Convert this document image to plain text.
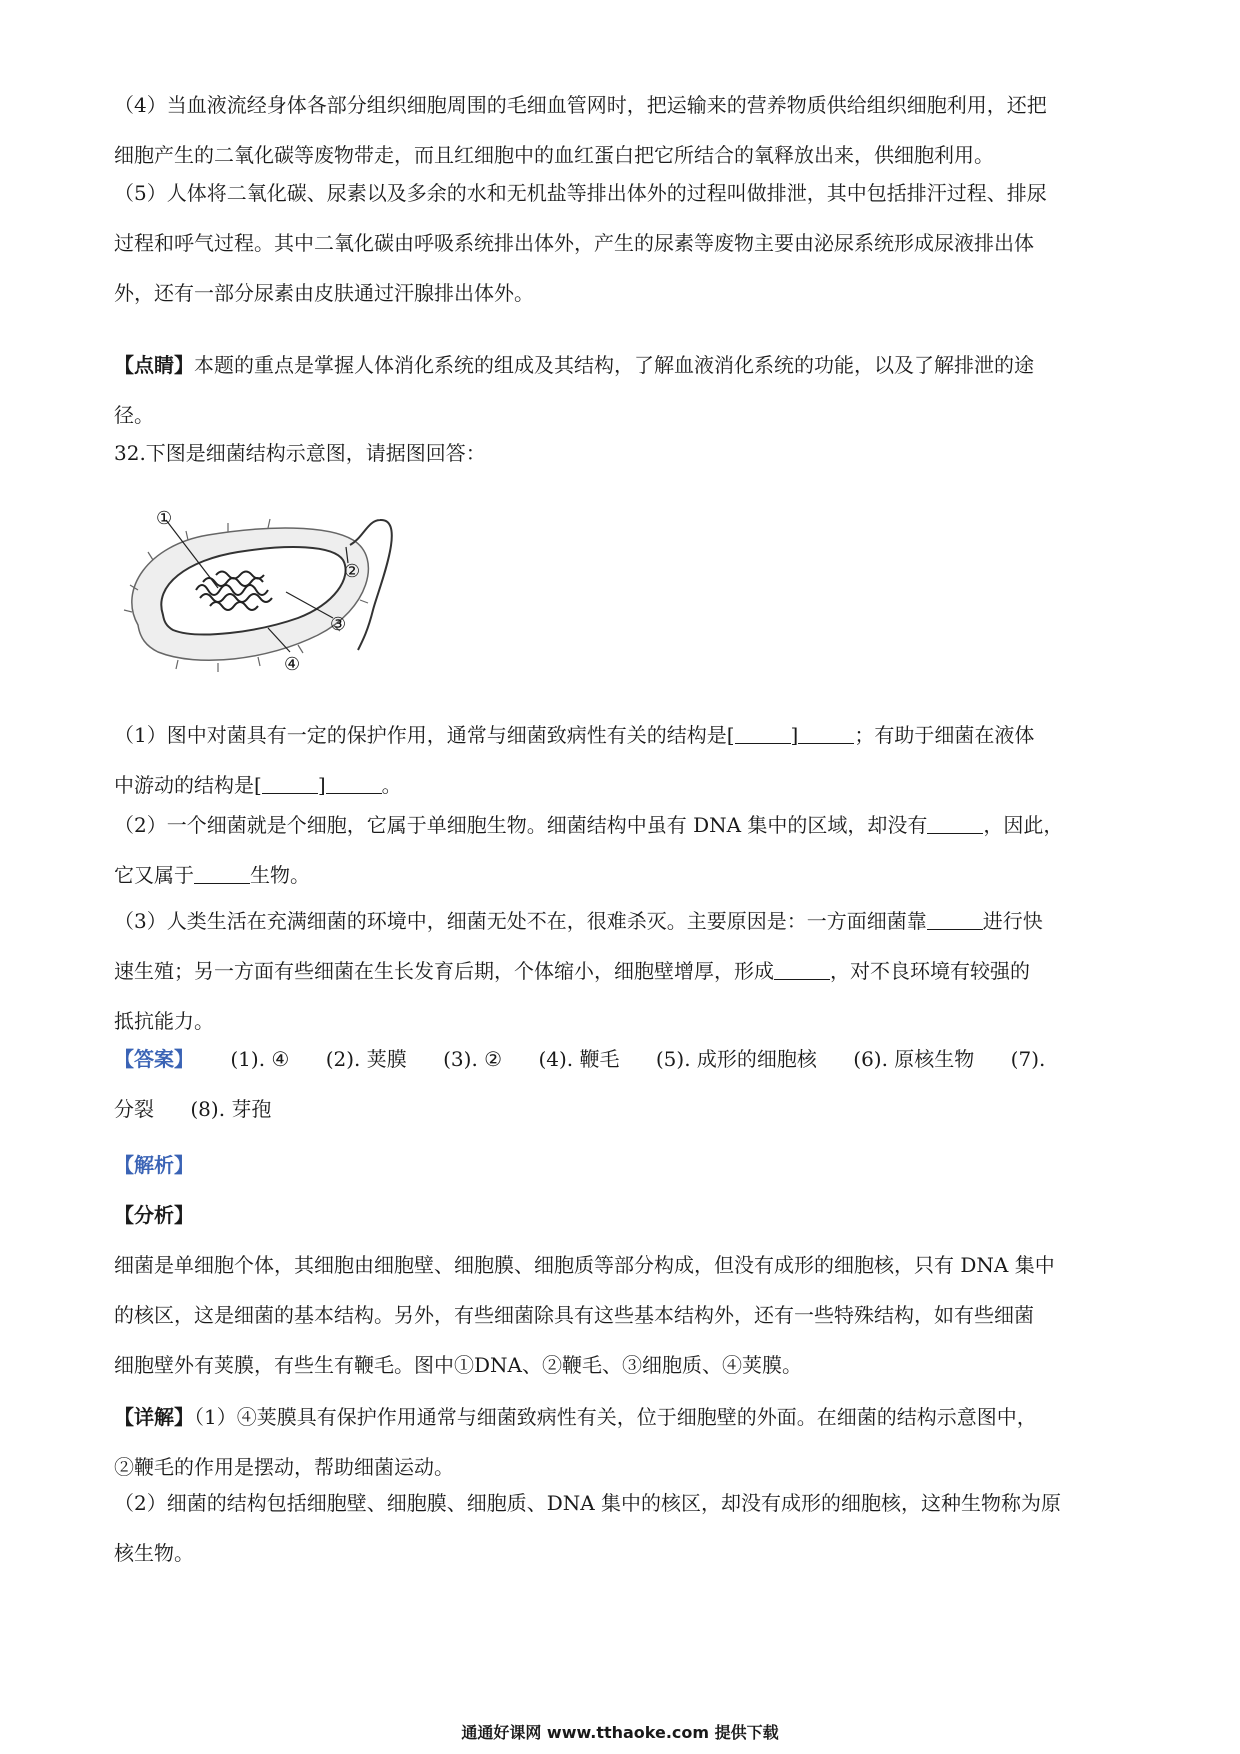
（4）当血液流经身体各部分组织细胞周围的毛细血管网时，把运输来的营养物质供给组织细胞利用，还把
细胞产生的二氧化碳等废物带走，而且红细胞中的血红蛋白把它所结合的氧释放出来，供细胞利用。
（5）人体将二氧化碳、尿素以及多余的水和无机盐等排出体外的过程叫做排泄，其中包括排汗过程、排尿
过程和呼气过程。其中二氧化碳由呼吸系统排出体外，产生的尿素等废物主要由泌尿系统形成尿液排出体
外，还有一部分尿素由皮肤通过汗腺排出体外。
【点睛】本题的重点是掌握人体消化系统的组成及其结构，了解血液消化系统的功能，以及了解排泄的途
径。
32.下图是细菌结构示意图，请据图回答：
①
②
③
④
（1）图中对菌具有一定的保护作用，通常与细菌致病性有关的结构是[	]	；有助于细菌在液体
中游动的结构是[	]	。
（2）一个细菌就是个细胞，它属于单细胞生物。细菌结构中虽有 DNA 集中的区域，却没有	，因此，
它又属于	生物。
（3）人类生活在充满细菌的环境中，细菌无处不在，很难杀灭。主要原因是：一方面细菌靠	进行快
速生殖；另一方面有些细菌在生长发育后期，个体缩小，细胞壁增厚，形成	，对不良环境有较强的
抵抗能力。
【答案】 (1). ④ (2). 荚膜 (3). ② (4). 鞭毛 (5). 成形的细胞核 (6). 原核生物 (7).
分裂 (8). 芽孢
【解析】
【分析】
细菌是单细胞个体，其细胞由细胞壁、细胞膜、细胞质等部分构成，但没有成形的细胞核，只有 DNA 集中
的核区，这是细菌的基本结构。另外，有些细菌除具有这些基本结构外，还有一些特殊结构，如有些细菌
细胞壁外有荚膜，有些生有鞭毛。图中①DNA、②鞭毛、③细胞质、④荚膜。
【详解】（1）④荚膜具有保护作用通常与细菌致病性有关，位于细胞壁的外面。在细菌的结构示意图中，
②鞭毛的作用是摆动，帮助细菌运动。
（2）细菌的结构包括细胞壁、细胞膜、细胞质、DNA 集中的核区，却没有成形的细胞核，这种生物称为原
核生物。
通通好课网 www.tthaoke.com 提供下载
